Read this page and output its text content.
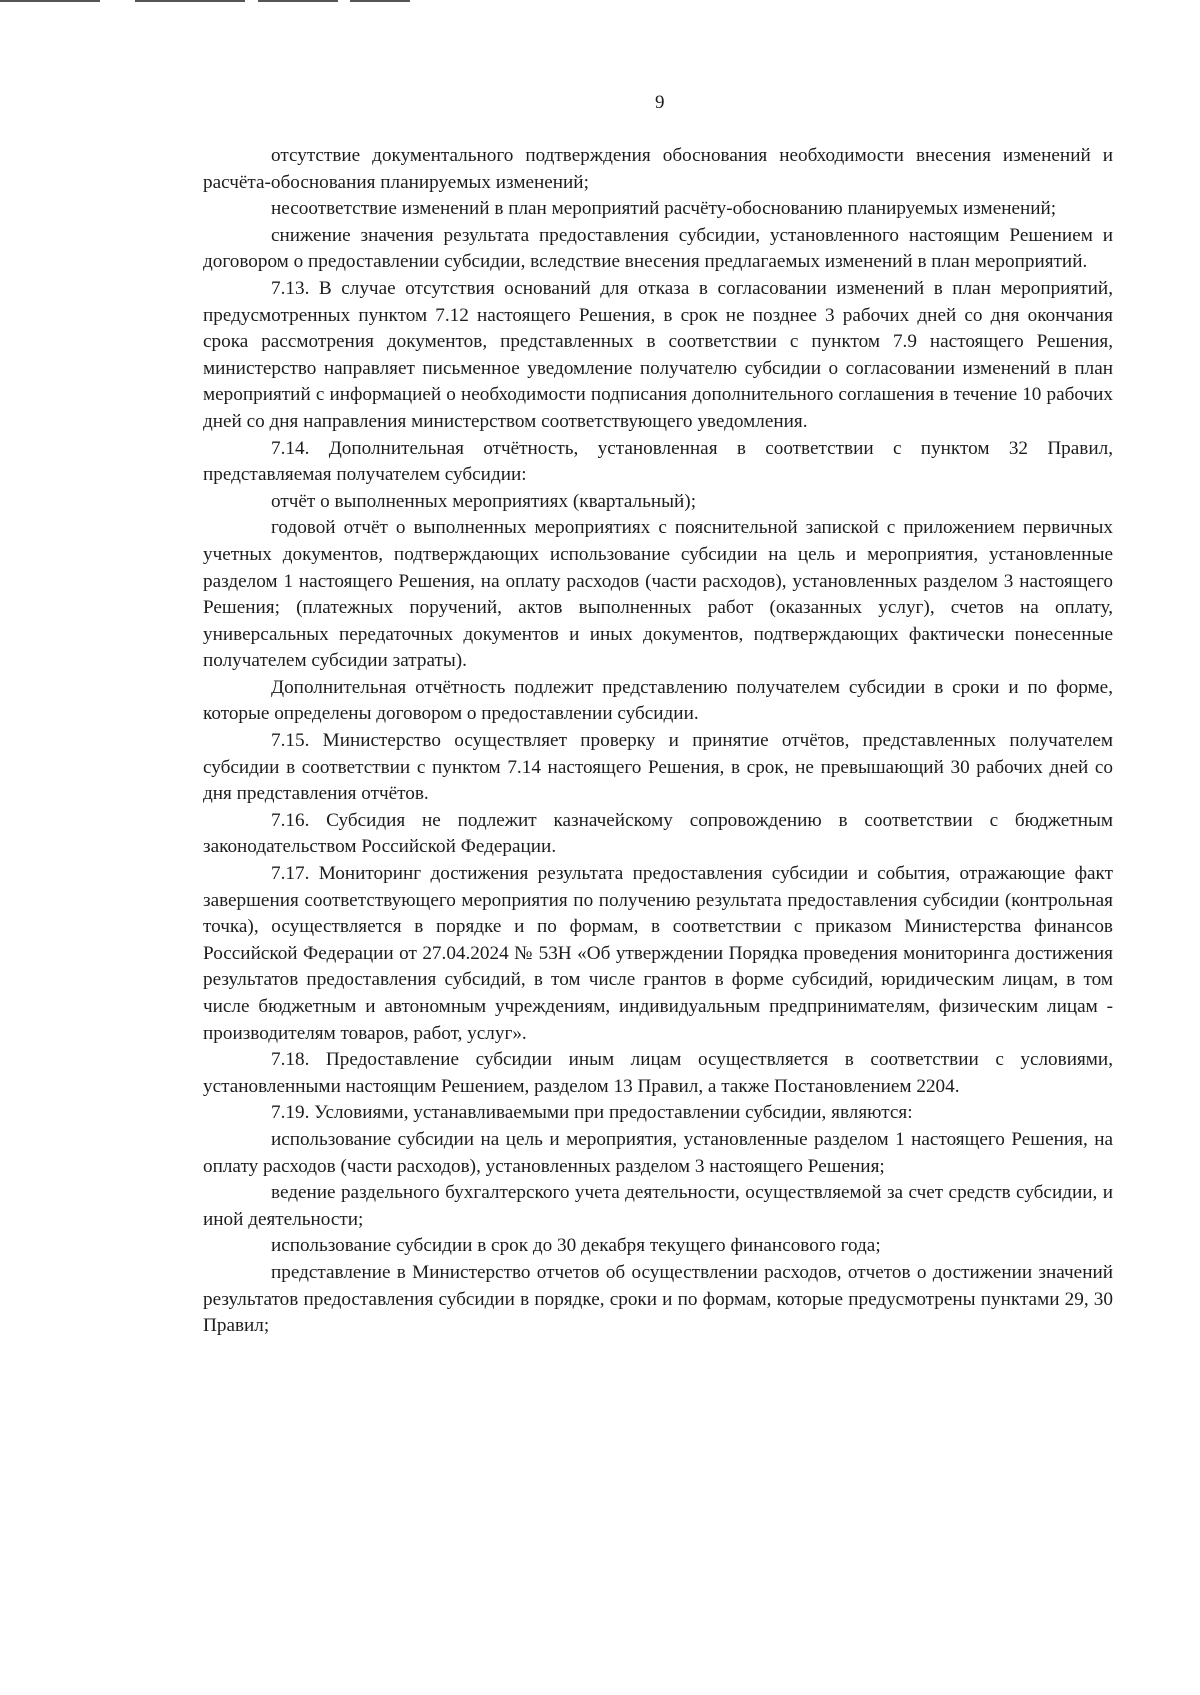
9

отсутствие документального подтверждения обоснования необходимости внесения изменений и расчёта-обоснования планируемых изменений;

несоответствие изменений в план мероприятий расчёту-обоснованию планируемых изменений;

снижение значения результата предоставления субсидии, установленного настоящим Решением и договором о предоставлении субсидии, вследствие внесения предлагаемых изменений в план мероприятий.

7.13. В случае отсутствия оснований для отказа в согласовании изменений в план мероприятий, предусмотренных пунктом 7.12 настоящего Решения, в срок не позднее 3 рабочих дней со дня окончания срока рассмотрения документов, представленных в соответствии с пунктом 7.9 настоящего Решения, министерство направляет письменное уведомление получателю субсидии о согласовании изменений в план мероприятий с информацией о необходимости подписания дополнительного соглашения в течение 10 рабочих дней со дня направления министерством соответствующего уведомления.

7.14. Дополнительная отчётность, установленная в соответствии с пунктом 32 Правил, представляемая получателем субсидии:

отчёт о выполненных мероприятиях (квартальный);

годовой отчёт о выполненных мероприятиях с пояснительной запиской с приложением первичных учетных документов, подтверждающих использование субсидии на цель и мероприятия, установленные разделом 1 настоящего Решения, на оплату расходов (части расходов), установленных разделом 3 настоящего Решения; (платежных поручений, актов выполненных работ (оказанных услуг), счетов на оплату, универсальных передаточных документов и иных документов, подтверждающих фактически понесенные получателем субсидии затраты).

Дополнительная отчётность подлежит представлению получателем субсидии в сроки и по форме, которые определены договором о предоставлении субсидии.

7.15. Министерство осуществляет проверку и принятие отчётов, представленных получателем субсидии в соответствии с пунктом 7.14 настоящего Решения, в срок, не превышающий 30 рабочих дней со дня представления отчётов.

7.16. Субсидия не подлежит казначейскому сопровождению в соответствии с бюджетным законодательством Российской Федерации.

7.17. Мониторинг достижения результата предоставления субсидии и события, отражающие факт завершения соответствующего мероприятия по получению результата предоставления субсидии (контрольная точка), осуществляется в порядке и по формам, в соответствии с приказом Министерства финансов Российской Федерации от 27.04.2024 № 53Н «Об утверждении Порядка проведения мониторинга достижения результатов предоставления субсидий, в том числе грантов в форме субсидий, юридическим лицам, в том числе бюджетным и автономным учреждениям, индивидуальным предпринимателям, физическим лицам - производителям товаров, работ, услуг».

7.18. Предоставление субсидии иным лицам осуществляется в соответствии с условиями, установленными настоящим Решением, разделом 13 Правил, а также Постановлением 2204.

7.19. Условиями, устанавливаемыми при предоставлении субсидии, являются:

использование субсидии на цель и мероприятия, установленные разделом 1 настоящего Решения, на оплату расходов (части расходов), установленных разделом 3 настоящего Решения;

ведение раздельного бухгалтерского учета деятельности, осуществляемой за счет средств субсидии, и иной деятельности;

использование субсидии в срок до 30 декабря текущего финансового года;

представление в Министерство отчетов об осуществлении расходов, отчетов о достижении значений результатов предоставления субсидии в порядке, сроки и по формам, которые предусмотрены пунктами 29, 30 Правил;
